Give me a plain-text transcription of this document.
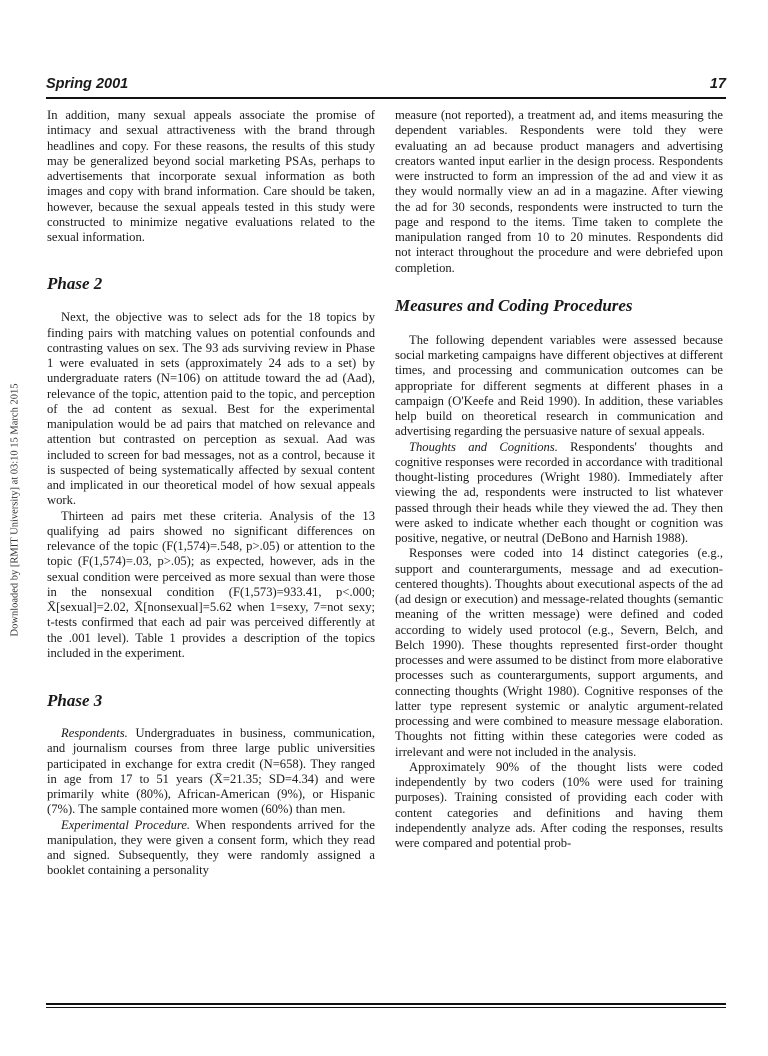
Spring 2001	17
Downloaded by [RMIT University] at 03:10 15 March 2015

In addition, many sexual appeals associate the promise of intimacy and sexual attractiveness with the brand through headlines and copy. For these reasons, the results of this study may be generalized beyond social marketing PSAs, perhaps to advertisements that incorporate sexual information as both images and copy with brand information. Care should be taken, however, because the sexual appeals tested in this study were constructed to minimize negative evaluations related to the sexual information.

Phase 2

Next, the objective was to select ads for the 18 topics by finding pairs with matching values on potential confounds and contrasting values on sex. The 93 ads surviving review in Phase 1 were evaluated in sets (approximately 24 ads to a set) by undergraduate raters (N=106) on attitude toward the ad (Aad), relevance of the topic, attention paid to the topic, and perception of the ad content as sexual. Best for the experimental manipulation would be ad pairs that matched on relevance and attention but contrasted on perception as sexual. Aad was included to screen for bad messages, not as a control, because it is suspected of being systematically affected by sexual content and implicated in our theoretical model of how sexual appeals work.

Thirteen ad pairs met these criteria. Analysis of the 13 qualifying ad pairs showed no significant differences on relevance of the topic (F(1,574)=.548, p>.05) or attention to the topic (F(1,574)=.03, p>.05); as expected, however, ads in the sexual condition were perceived as more sexual than were those in the nonsexual condition (F(1,573)=933.41, p<.000; X̄[sexual]=2.02, X̄[nonsexual]=5.62 when 1=sexy, 7=not sexy; t-tests confirmed that each ad pair was perceived differently at the .001 level). Table 1 provides a description of the topics included in the experiment.

Phase 3

Respondents. Undergraduates in business, communication, and journalism courses from three large public universities participated in exchange for extra credit (N=658). They ranged in age from 17 to 51 years (X̄=21.35; SD=4.34) and were primarily white (80%), African-American (9%), or Hispanic (7%). The sample contained more women (60%) than men.

Experimental Procedure. When respondents arrived for the manipulation, they were given a consent form, which they read and signed. Subsequently, they were randomly assigned a booklet containing a personality

measure (not reported), a treatment ad, and items measuring the dependent variables. Respondents were told they were evaluating an ad because product managers and advertising creators wanted input earlier in the design process. Respondents were instructed to form an impression of the ad and view it as they would normally view an ad in a magazine. After viewing the ad for 30 seconds, respondents were instructed to turn the page and respond to the items. Time taken to complete the manipulation ranged from 10 to 20 minutes. Respondents did not interact throughout the procedure and were debriefed upon completion.

Measures and Coding Procedures

The following dependent variables were assessed because social marketing campaigns have different objectives at different times, and processing and communication outcomes can be appropriate for different segments at different phases in a campaign (O'Keefe and Reid 1990). In addition, these variables help build on theoretical research in communication and advertising regarding the persuasive nature of sexual appeals.

Thoughts and Cognitions. Respondents' thoughts and cognitive responses were recorded in accordance with traditional thought-listing procedures (Wright 1980). Immediately after viewing the ad, respondents were instructed to list whatever passed through their heads while they viewed the ad. They then were asked to indicate whether each thought or cognition was positive, negative, or neutral (DeBono and Harnish 1988).

Responses were coded into 14 distinct categories (e.g., support and counterarguments, message and ad execution-centered thoughts). Thoughts about executional aspects of the ad (ad design or execution) and message-related thoughts (semantic meaning of the written message) were defined and coded according to widely used protocol (e.g., Severn, Belch, and Belch 1990). These thoughts represented first-order thought processes and were assumed to be distinct from more elaborative processes such as counterarguments, support arguments, and connecting thoughts (Wright 1980). Cognitive responses of the latter type represent systemic or analytic argument-related processing and were combined to measure message elaboration. Thoughts not fitting within these categories were coded as irrelevant and were not included in the analysis.

Approximately 90% of the thought lists were coded independently by two coders (10% were used for training purposes). Training consisted of providing each coder with content categories and definitions and having them independently analyze ads. After coding the responses, results were compared and potential prob-
